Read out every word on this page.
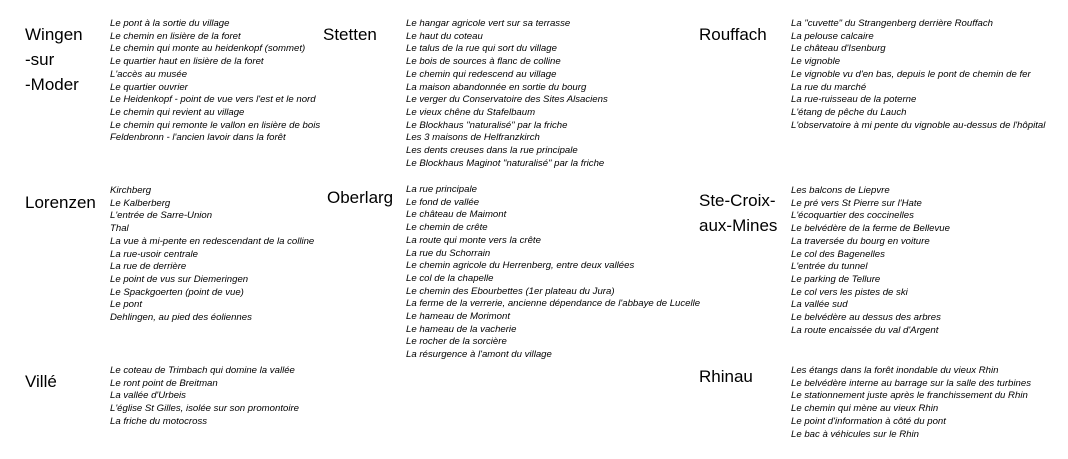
Wingen
-sur
-Moder
Le pont à la sortie du village
Le chemin en lisière de la foret
Le chemin qui monte au heidenkopf (sommet)
Le quartier haut en lisière de la foret
L'accès au musée
Le quartier ouvrier
Le Heidenkopf - point de vue vers l'est et le nord
Le chemin qui revient au village
Le chemin qui remonte le vallon en lisière de bois
Feldenbronn - l'ancien lavoir dans la forêt
Lorenzen
Kirchberg
Le Kalberberg
L'entrée de Sarre-Union
Thal
La vue à mi-pente en redescendant de la colline
La rue-usoir centrale
La rue de derrière
Le point de vus sur Diemeringen
Le Spackgoerten (point de vue)
Le pont
Dehlingen, au pied des éoliennes
Villé
Le coteau de Trimbach qui domine la vallée
Le ront point de Breitman
La vallée d'Urbeis
L'église St Gilles, isolée sur son promontoire
La friche du motocross
Stetten
Le hangar agricole vert sur sa terrasse
Le haut du coteau
Le talus de la rue qui sort du village
Le bois de sources à flanc de colline
Le chemin qui redescend au village
La maison abandonnée en sortie du bourg
Le verger du Conservatoire des Sites Alsaciens
Le vieux chêne du Stafelbaum
Le Blockhaus "naturalisé" par la friche
Les 3 maisons de Helfranzkirch
Les dents creuses dans la rue principale
Le Blockhaus Maginot "naturalisé" par la friche
Oberlarg La rue principale
Le fond de vallée
Le château de Maimont
Le chemin de crête
La route qui monte vers la crête
La rue du Schorrain
Le chemin agricole du Herrenberg, entre deux vallées
Le col de la chapelle
Le chemin des Ebourbettes (1er plateau du Jura)
La ferme de la verrerie, ancienne dépendance de l'abbaye de Lucelle
Le hameau de Morimont
Le hameau de la vacherie
Le rocher de la sorcière
La résurgence à l'amont du village
Rouffach
La "cuvette" du Strangenberg derrière Rouffach
La pelouse calcaire
Le château d'Isenburg
Le vignoble
Le vignoble vu d'en bas, depuis le pont de chemin de fer
La rue du marché
La rue-ruisseau de la poterne
L'étang de pêche du Lauch
L'observatoire à mi pente du vignoble au-dessus de l'hôpital
Ste-Croix-
aux-Mines
Les balcons de Liepvre
Le pré vers St Pierre sur l'Hate
L'écoquartier des coccinelles
Le belvédère de la ferme de Bellevue
La traversée du bourg en voiture
Le col des Bagenelles
L'entrée du tunnel
Le parking de Tellure
Le col vers les pistes de ski
La vallée sud
Le belvédère au dessus des arbres
La route encaissée du val d'Argent
Rhinau	Les étangs dans la forêt inondable du vieux Rhin
Le belvédère interne au barrage sur la salle des turbines
Le stationnement juste après le franchissement du Rhin
Le chemin qui mène au vieux Rhin
Le point d'information à côté du pont
Le bac à véhicules sur le Rhin
